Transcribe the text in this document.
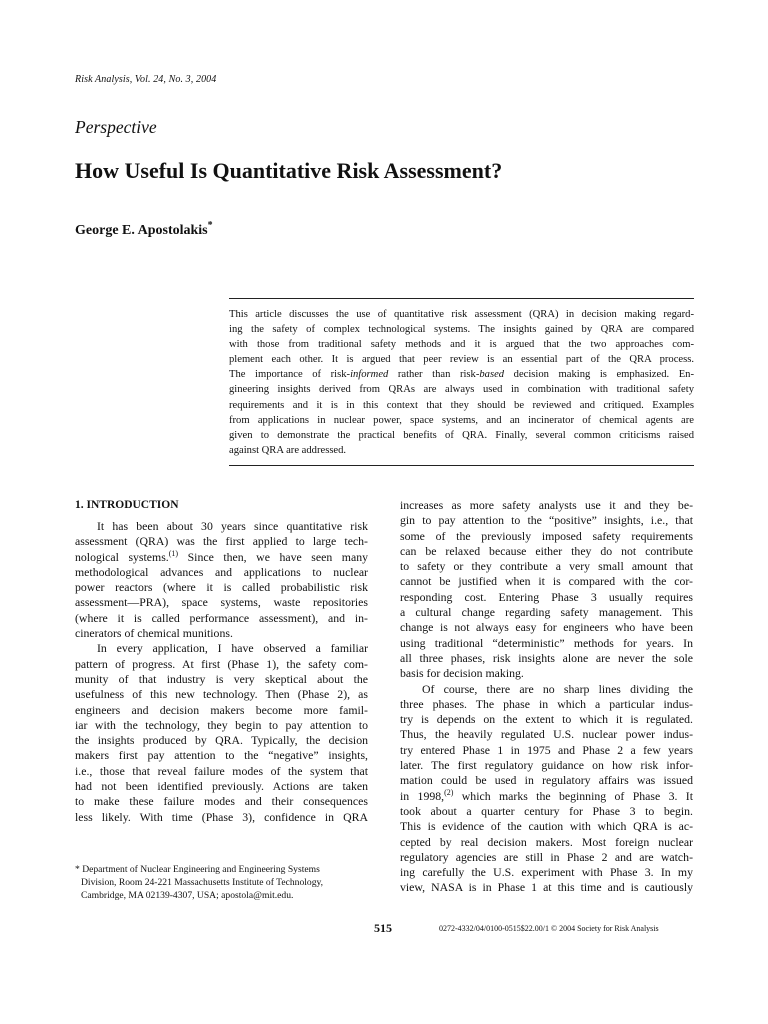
Risk Analysis, Vol. 24, No. 3, 2004
Perspective
How Useful Is Quantitative Risk Assessment?
George E. Apostolakis*
This article discusses the use of quantitative risk assessment (QRA) in decision making regard-
ing the safety of complex technological systems. The insights gained by QRA are compared
with those from traditional safety methods and it is argued that the two approaches com-
plement each other. It is argued that peer review is an essential part of the QRA process.
The importance of risk-informed rather than risk-based decision making is emphasized. En-
gineering insights derived from QRAs are always used in combination with traditional safety
requirements and it is in this context that they should be reviewed and critiqued. Examples
from applications in nuclear power, space systems, and an incinerator of chemical agents are
given to demonstrate the practical benefits of QRA. Finally, several common criticisms raised
against QRA are addressed.
1. INTRODUCTION

It has been about 30 years since quantitative risk
assessment (QRA) was the first applied to large tech-
nological systems.$^{(1)}$ Since then, we have seen many
methodological advances and applications to nuclear
power reactors (where it is called probabilistic risk
assessment—PRA), space systems, waste repositories
(where it is called performance assessment), and in-
cinerators of chemical munitions.

In every application, I have observed a familiar
pattern of progress. At first (Phase 1), the safety com-
munity of that industry is very skeptical about the
usefulness of this new technology. Then (Phase 2), as
engineers and decision makers become more famil-
iar with the technology, they begin to pay attention to
the insights produced by QRA. Typically, the decision
makers first pay attention to the “negative” insights,
i.e., those that reveal failure modes of the system that
had not been identified previously. Actions are taken
to make these failure modes and their consequences
less likely. With time (Phase 3), confidence in QRA

increases as more safety analysts use it and they be-
gin to pay attention to the “positive” insights, i.e., that
some of the previously imposed safety requirements
can be relaxed because either they do not contribute
to safety or they contribute a very small amount that
cannot be justified when it is compared with the cor-
responding cost. Entering Phase 3 usually requires
a cultural change regarding safety management. This
change is not always easy for engineers who have been
using traditional “deterministic” methods for years. In
all three phases, risk insights alone are never the sole
basis for decision making.

Of course, there are no sharp lines dividing the
three phases. The phase in which a particular indus-
try is depends on the extent to which it is regulated.
Thus, the heavily regulated U.S. nuclear power indus-
try entered Phase 1 in 1975 and Phase 2 a few years
later. The first regulatory guidance on how risk infor-
mation could be used in regulatory affairs was issued
in 1998,$^{(2)}$ which marks the beginning of Phase 3. It
took about a quarter century for Phase 3 to begin.
This is evidence of the caution with which QRA is ac-
cepted by real decision makers. Most foreign nuclear
regulatory agencies are still in Phase 2 and are watch-
ing carefully the U.S. experiment with Phase 3. In my
view, NASA is in Phase 1 at this time and is cautiously

* Department of Nuclear Engineering and Engineering Systems
Division, Room 24-221 Massachusetts Institute of Technology,
Cambridge, MA 02139-4307, USA; apostola@mit.edu.
515	0272-4332/04/0100-0515$22.00/1 © 2004 Society for Risk Analysis
